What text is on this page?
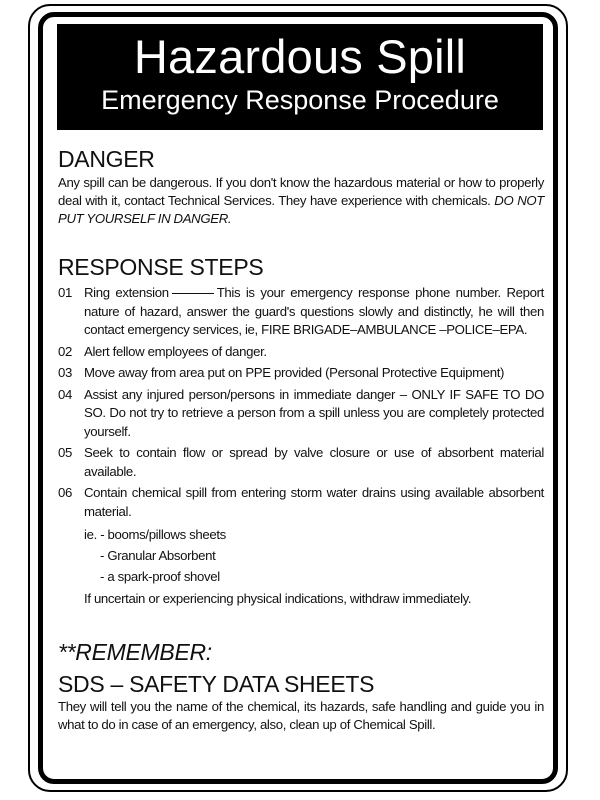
Hazardous Spill
Emergency Response Procedure
DANGER

Any spill can be dangerous. If you don't know the hazardous material or how to properly deal with it, contact Technical Services. They have experience with chemicals. DO NOT PUT YOURSELF IN DANGER.

RESPONSE STEPS
01 Ring extension	This is your emergency response phone number. Report nature of hazard, answer the guard's questions slowly and distinctly, he will then contact emergency services, ie, FIRE BRIGADE–AMBULANCE –POLICE–EPA.
02 Alert fellow employees of danger.
03 Move away from area put on PPE provided (Personal Protective Equipment)
04 Assist any injured person/persons in immediate danger – ONLY IF SAFE TO DO SO. Do not try to retrieve a person from a spill unless you are completely protected yourself.
05 Seek to contain flow or spread by valve closure or use of absorbent material available.
06 Contain chemical spill from entering storm water drains using available absorbent material.
ie. - booms/pillows sheets
- Granular Absorbent
- a spark-proof shovel
If uncertain or experiencing physical indications, withdraw immediately.
**REMEMBER:
SDS – SAFETY DATA SHEETS

They will tell you the name of the chemical, its hazards, safe handling and guide you in what to do in case of an emergency, also, clean up of Chemical Spill.
